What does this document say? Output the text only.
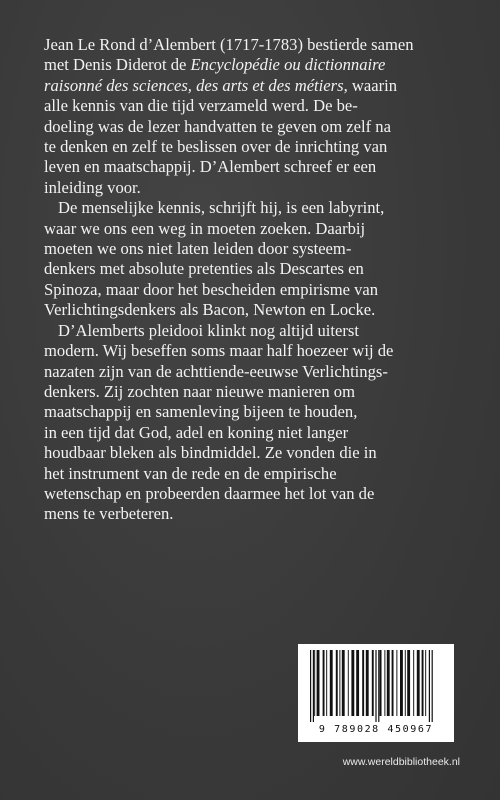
Jean Le Rond d’Alembert (1717-1783) bestierde samen
met Denis Diderot de Encyclopédie ou dictionnaire
raisonné des sciences, des arts et des métiers, waarin
alle kennis van die tijd verzameld werd. De be-
doeling was de lezer handvatten te geven om zelf na
te denken en zelf te beslissen over de inrichting van
leven en maatschappij. D’Alembert schreef er een
inleiding voor.

De menselijke kennis, schrijft hij, is een labyrint,
waar we ons een weg in moeten zoeken. Daarbij
moeten we ons niet laten leiden door systeem-
denkers met absolute pretenties als Descartes en
Spinoza, maar door het bescheiden empirisme van
Verlichtingsdenkers als Bacon, Newton en Locke.

D’Alemberts pleidooi klinkt nog altijd uiterst
modern. Wij beseffen soms maar half hoezeer wij de
nazaten zijn van de achttiende-eeuwse Verlichtings-
denkers. Zij zochten naar nieuwe manieren om
maatschappij en samenleving bijeen te houden,
in een tijd dat God, adel en koning niet langer
houdbaar bleken als bindmiddel. Ze vonden die in
het instrument van de rede en de empirische
wetenschap en probeerden daarmee het lot van de
mens te verbeteren.

9 789028 450967
www.wereldbibliotheek.nl
